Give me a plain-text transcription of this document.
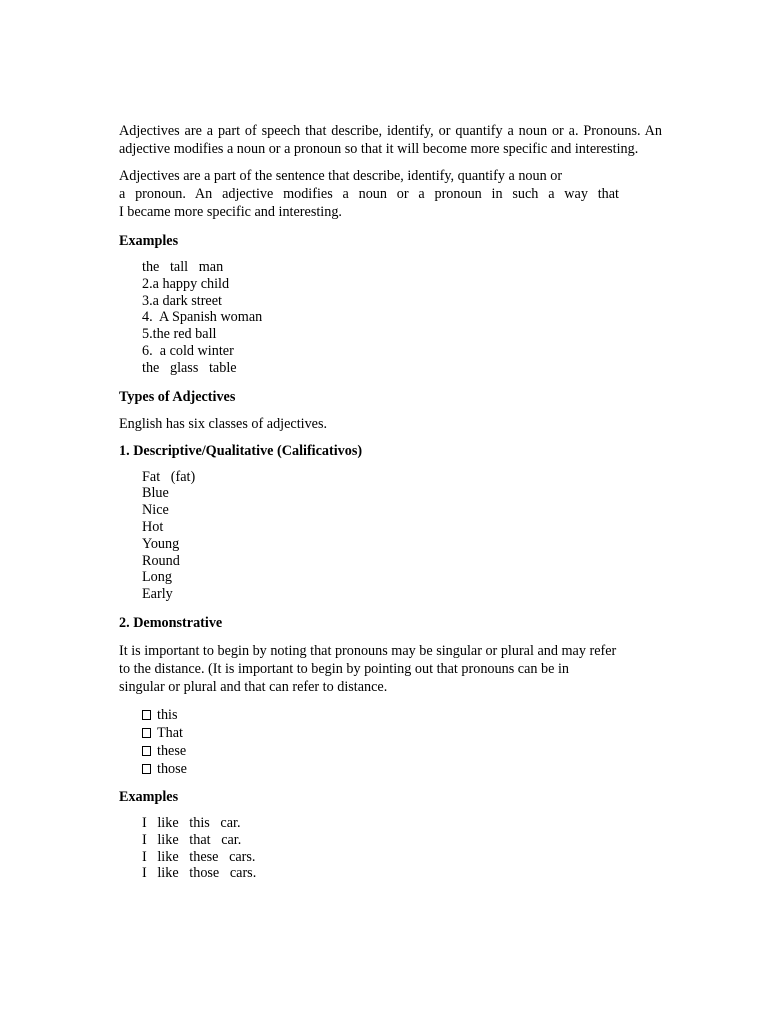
Adjectives are a part of speech that describe, identify, or quantify a noun or a. Pronouns. An adjective modifies a noun or a pronoun so that it will become more specific and interesting.

Adjectives are a part of the sentence that describe, identify, quantify a noun or
a pronoun. An adjective modifies a noun or a pronoun in such a way that
I became more specific and interesting.

Examples

the   tall   man
2.a happy child
3.a dark street
4.  A Spanish woman
5.the red ball
6.  a cold winter
the   glass   table

Types of Adjectives

English has six classes of adjectives.

1. Descriptive/Qualitative (Calificativos)

Fat   (fat)
Blue
Nice
Hot
Young
Round
Long
Early

2. Demonstrative

It is important to begin by noting that pronouns may be singular or plural and may refer
to the distance. (It is important to begin by pointing out that pronouns can be in
singular or plural and that can refer to distance.

this
That
these
those

Examples

I   like   this   car.
I   like   that   car.
I   like   these   cars.
I   like   those   cars.
